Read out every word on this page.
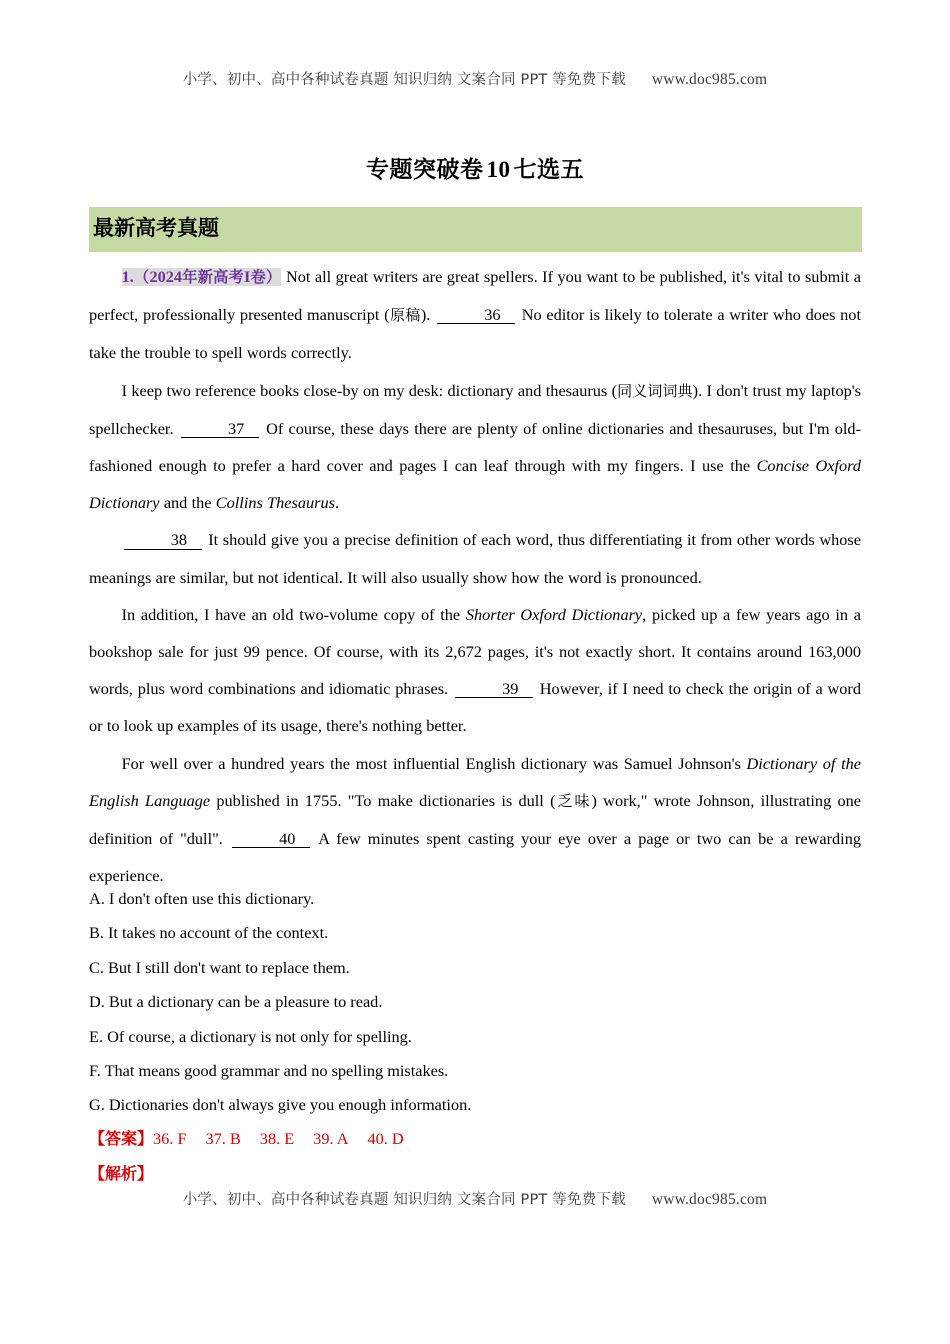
小学、初中、高中各种试卷真题 知识归纳 文案合同 PPT 等免费下载 www.doc985.com
专题突破卷 10 七选五
最新高考真题

1.（2024年新高考I卷） Not all great writers are great spellers. If you want to be published, it's vital to submit a perfect, professionally presented manuscript (原稿).	36 No editor is likely to tolerate a writer who does not take the trouble to spell words correctly.

I keep two reference books close-by on my desk: dictionary and thesaurus (同义词词典). I don't trust my laptop's spellchecker.	37 Of course, these days there are plenty of online dictionaries and thesauruses, but I'm old-fashioned enough to prefer a hard cover and pages I can leaf through with my fingers. I use the Concise Oxford Dictionary and the Collins Thesaurus.

38 It should give you a precise definition of each word, thus differentiating it from other words whose meanings are similar, but not identical. It will also usually show how the word is pronounced.

In addition, I have an old two-volume copy of the Shorter Oxford Dictionary, picked up a few years ago in a bookshop sale for just 99 pence. Of course, with its 2,672 pages, it's not exactly short. It contains around 163,000 words, plus word combinations and idiomatic phrases.	39 However, if I need to check the origin of a word or to look up examples of its usage, there's nothing better.

For well over a hundred years the most influential English dictionary was Samuel Johnson's Dictionary of the English Language published in 1755. "To make dictionaries is dull (乏味) work," wrote Johnson, illustrating one definition of "dull".	40 A few minutes spent casting your eye over a page or two can be a rewarding experience.

A. I don't often use this dictionary.
B. It takes no account of the context.
C. But I still don't want to replace them.
D. But a dictionary can be a pleasure to read.
E. Of course, a dictionary is not only for spelling.
F. That means good grammar and no spelling mistakes.
G. Dictionaries don't always give you enough information.
【答案】36. F 37. B 38. E 39. A 40. D
【解析】
小学、初中、高中各种试卷真题 知识归纳 文案合同 PPT 等免费下载 www.doc985.com
